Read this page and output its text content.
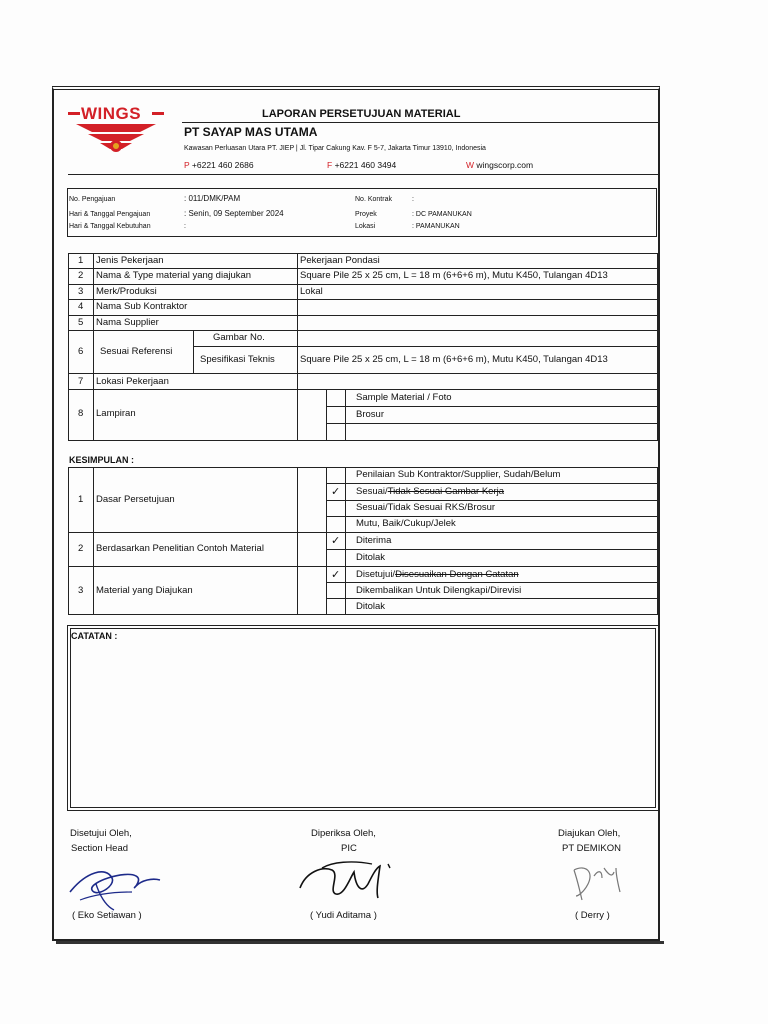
WINGS	LAPORAN PERSETUJUAN MATERIAL
PT SAYAP MAS UTAMA
Kawasan Perluasan Utara PT. JIEP | Jl. Tipar Cakung Kav. F 5-7, Jakarta Timur 13910, Indonesia
P +6221 460 2686	F +6221 460 3494	W wingscorp.com
No. Pengajuan	: 011/DMK/PAM
Hari & Tanggal Pengajuan	: Senin, 09 September 2024
Hari & Tanggal Kebutuhan	:
No. Kontrak	:
Proyek	: DC PAMANUKAN
Lokasi	: PAMANUKAN
1 Jenis Pekerjaan	Pekerjaan Pondasi
2 Nama & Type material yang diajukan	Square Pile 25 x 25 cm, L = 18 m (6+6+6 m), Mutu K450, Tulangan 4D13
3 Merk/Produksi	Lokal
4 Nama Sub Kontraktor
5 Nama Supplier
6 Sesuai Referensi
Gambar No.
Spesifikasi Teknis	Square Pile 25 x 25 cm, L = 18 m (6+6+6 m), Mutu K450, Tulangan 4D13
7 Lokasi Pekerjaan
8 Lampiran
Sample Material / Foto
Brosur
KESIMPULAN :
1 Dasar Persetujuan
Penilaian Sub Kontraktor/Supplier, Sudah/Belum
✓ Sesuai/Tidak Sesuai Gambar Kerja
Sesuai/Tidak Sesuai RKS/Brosur
Mutu, Baik/Cukup/Jelek
2 Berdasarkan Penelitian Contoh Material
✓ Diterima
Ditolak
3 Material yang Diajukan
✓ Disetujui/Disesuaikan Dengan Catatan
Dikembalikan Untuk Dilengkapi/Direvisi
Ditolak
CATATAN :
Disetujui Oleh,
Section Head
( Eko Setiawan )
Diperiksa Oleh,
PIC
( Yudi Aditama )
Diajukan Oleh,
PT DEMIKON
( Derry )
